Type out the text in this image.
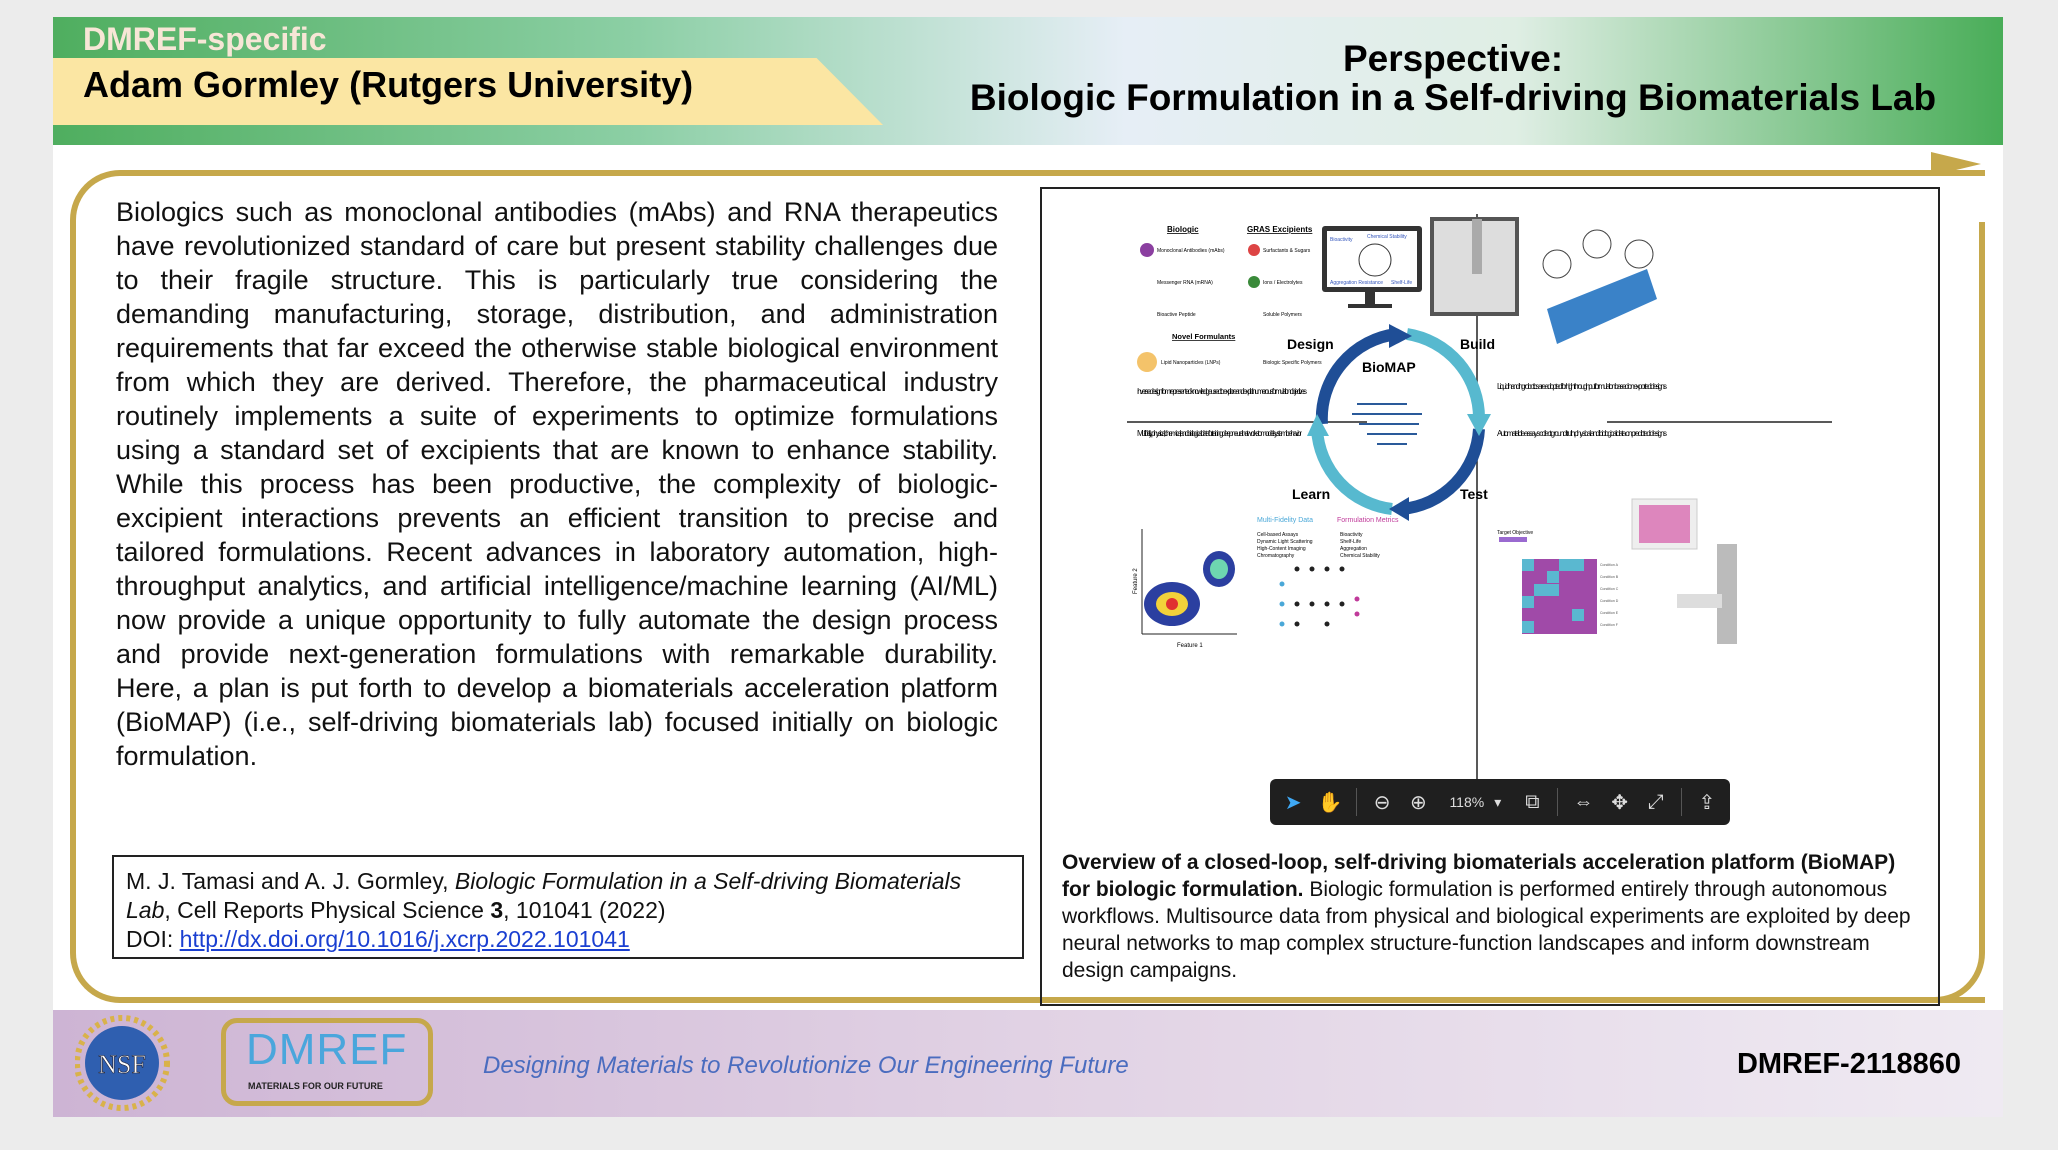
DMREF-specific
Adam Gormley (Rutgers University)
Perspective:
Biologic Formulation in a Self-driving Biomaterials Lab
Biologics such as monoclonal antibodies (mAbs) and RNA therapeutics have revolutionized standard of care but present stability challenges due to their fragile structure. This is particularly true considering the demanding manufacturing, storage, distribution, and administration requirements that far exceed the otherwise stable biological environment from which they are derived. Therefore, the pharmaceutical industry routinely implements a suite of experiments to optimize formulations using a standard set of excipients that are known to enhance stability. While this process has been productive, the complexity of biologic-excipient interactions prevents an efficient transition to precise and tailored formulations. Recent advances in laboratory automation, high-throughput analytics, and artificial intelligence/machine learning (AI/ML) now provide a unique opportunity to fully automate the design process and provide next-generation formulations with remarkable durability. Here, a plan is put forth to develop a biomaterials acceleration platform (BioMAP) (i.e., self-driving biomaterials lab) focused initially on biologic formulation.
M. J. Tamasi and A. J. Gormley, Biologic Formulation in a Self-driving Biomaterials Lab, Cell Reports Physical Science 3, 101041 (2022)
DOI: http://dx.doi.org/10.1016/j.xcrp.2022.101041
Biologic	GRAS Excipients
Monoclonal Antibodies (mAbs)	Surfactants & Sugars
Messenger RNA (mRNA)	Ions / Electrolytes
Bioactive Peptide	Soluble Polymers
Lipid Nanoparticles (LNPs)	Biologic Specific Polymers
Novel Formulants
Bioactivity	Chemical Stability
Aggregation Resistance Shelf-Life
Inverse design from represented knowledge used to explore and exploit numerous formulation objectives
Liquid handling robotics are adopted for high throughput formulation based on exported designs
Multi-fidelity physical, chemical, and biological data for training deep neural networks to model system behavior	Automatable assays collect ground truth physical and biological data on predicted designs
BioMAP
Design	Build
Learn	Test
Feature 1
Feature 2
Multi-Fidelity Data	Formulation Metrics
Cell-based Assays
Dynamic Light Scattering
High-Content Imaging
Chromatography
Bioactivity
Shelf-Life
Aggregation
Chemical Stability
Target Objective
Condition A
Condition B
Condition C
Condition D
Condition E
Condition F
➤ ✋ ⊖ ⊕ 118% ▾ ⧉ ⇔ ✥ ⤢ ⇪
Overview of a closed-loop, self-driving biomaterials acceleration platform (BioMAP) for biologic formulation. Biologic formulation is performed entirely through autonomous workflows. Multisource data from physical and biological experiments are exploited by deep neural networks to map complex structure-function landscapes and inform downstream design campaigns.
NSF DMREF
MATERIALS FOR OUR FUTURE
Designing Materials to Revolutionize Our Engineering Future	DMREF-2118860
